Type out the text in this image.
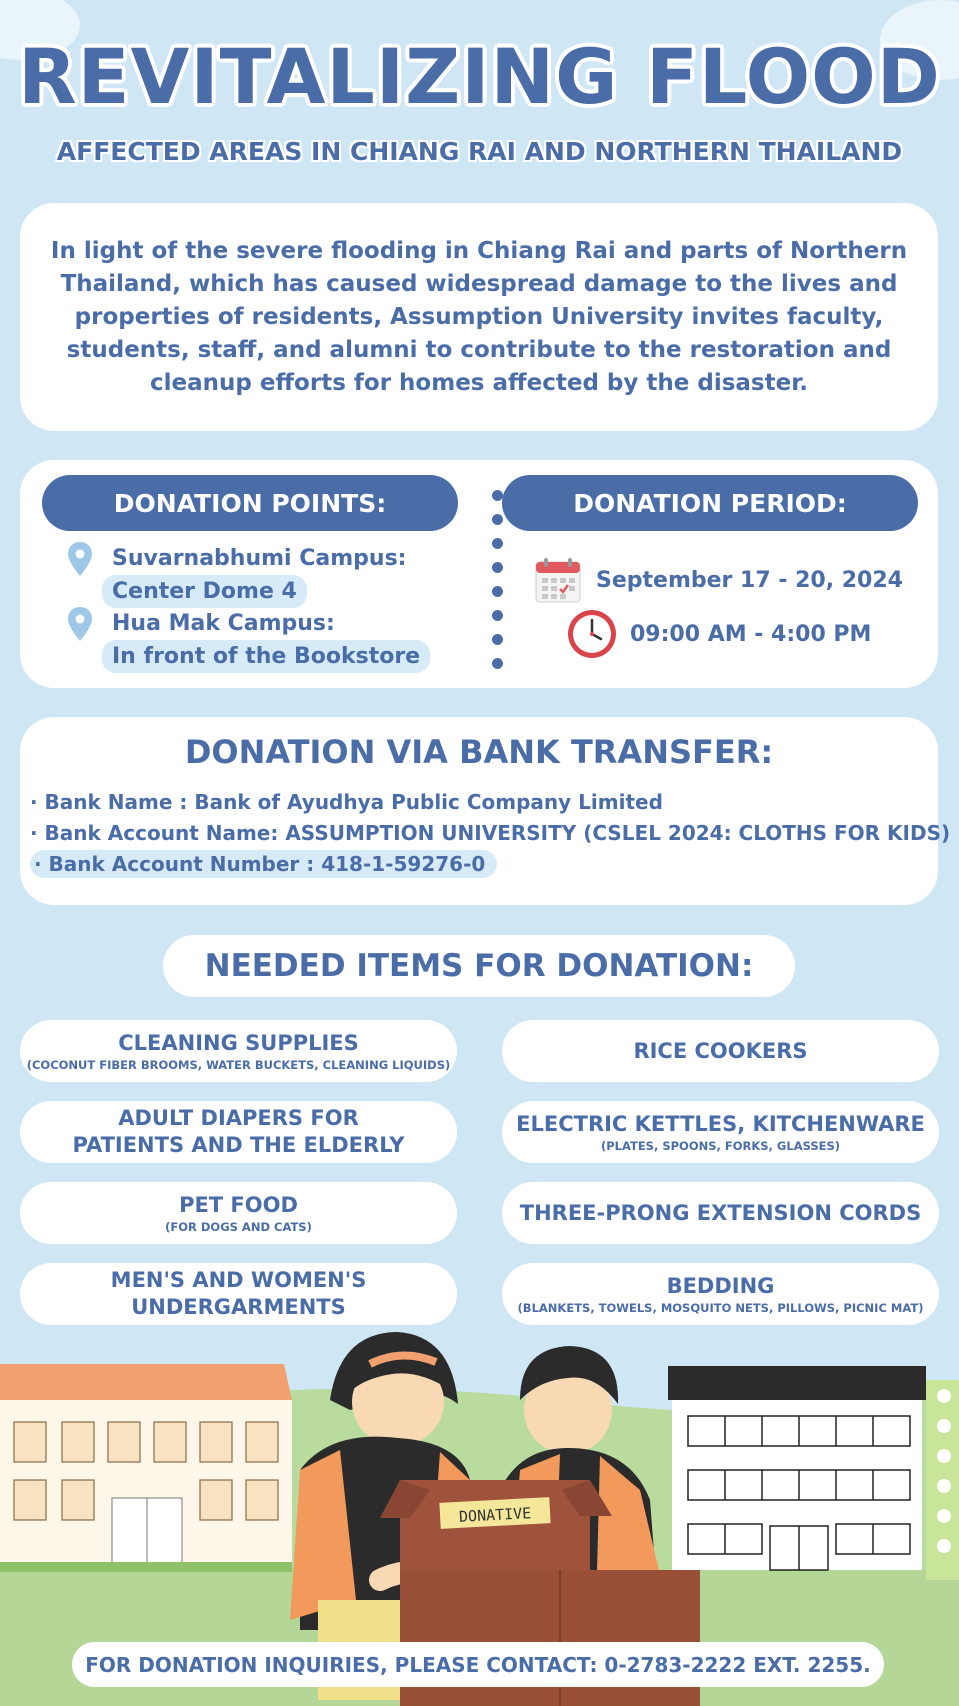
REVITALIZING FLOOD
AFFECTED AREAS IN CHIANG RAI AND NORTHERN THAILAND

In light of the severe flooding in Chiang Rai and parts of Northern Thailand, which has caused widespread damage to the lives and properties of residents, Assumption University invites faculty, students, staff, and alumni to contribute to the restoration and cleanup efforts for homes affected by the disaster.

DONATION POINTS:	DONATION PERIOD:
Suvarnabhumi Campus:
Center Dome 4
Hua Mak Campus:
In front of the Bookstore
September 17 - 20, 2024
09:00 AM - 4:00 PM
DONATION VIA BANK TRANSFER:
· Bank Name : Bank of Ayudhya Public Company Limited
· Bank Account Name: ASSUMPTION UNIVERSITY (CSLEL 2024: CLOTHS FOR KIDS)
· Bank Account Number : 418-1-59276-0
NEEDED ITEMS FOR DONATION:
CLEANING SUPPLIES
(COCONUT FIBER BROOMS, WATER BUCKETS, CLEANING LIQUIDS)
RICE COOKERS
ADULT DIAPERS FOR PATIENTS AND THE ELDERLY
ELECTRIC KETTLES, KITCHENWARE
(PLATES, SPOONS, FORKS, GLASSES)
PET FOOD
(FOR DOGS AND CATS)
THREE-PRONG EXTENSION CORDS
MEN'S AND WOMEN'S UNDERGARMENTS
BEDDING
(BLANKETS, TOWELS, MOSQUITO NETS, PILLOWS, PICNIC MAT)
DONATIVE
FOR DONATION INQUIRIES, PLEASE CONTACT: 0-2783-2222 EXT. 2255.
